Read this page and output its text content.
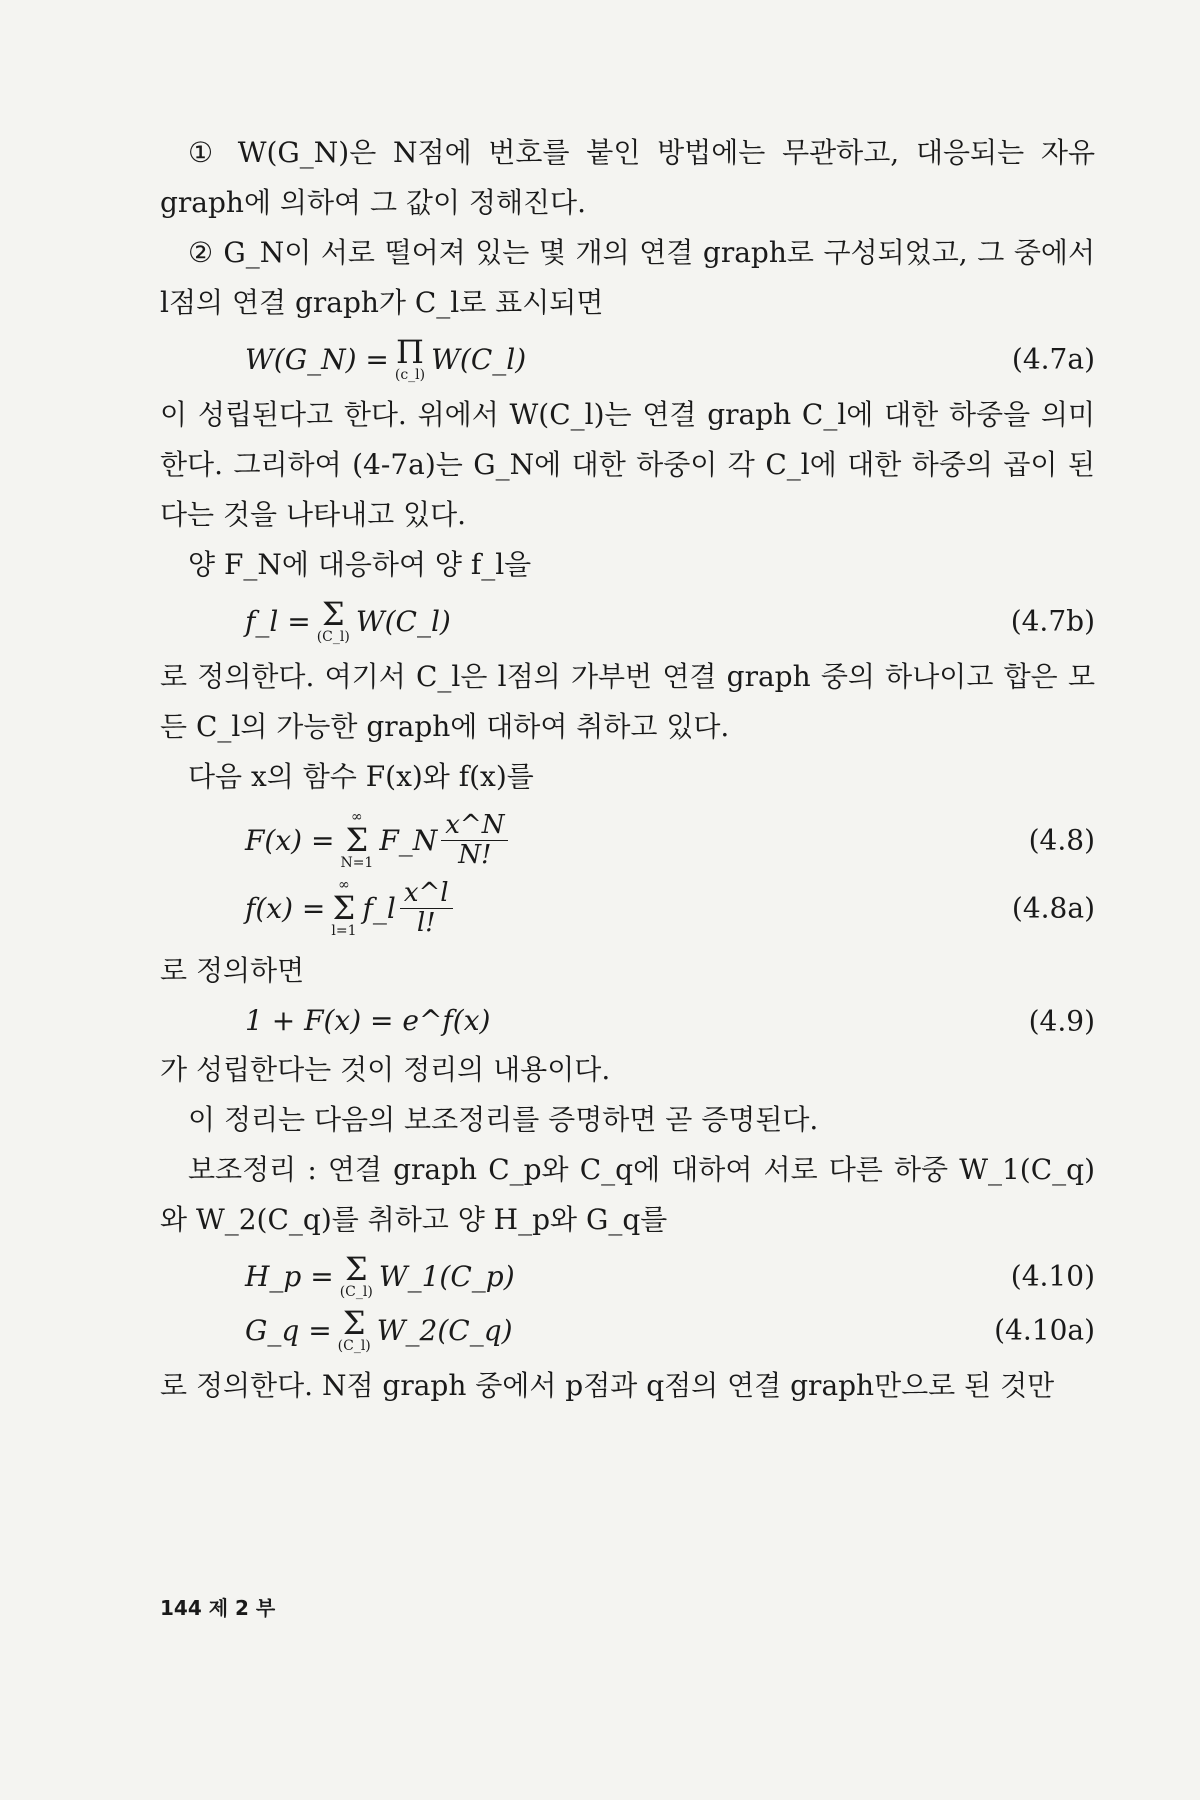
① W(G_N)은 N점에 번호를 붙인 방법에는 무관하고, 대응되는 자유 graph에 의하여 그 값이 정해진다.

② G_N이 서로 떨어져 있는 몇 개의 연결 graph로 구성되었고, 그 중에서 l점의 연결 graph가 C_l로 표시되면

W(G_N) = Π
(c_l) W(C_l)	(4.7a)

이 성립된다고 한다. 위에서 W(C_l)는 연결 graph C_l에 대한 하중을 의미한다. 그리하여 (4-7a)는 G_N에 대한 하중이 각 C_l에 대한 하중의 곱이 된다는 것을 나타내고 있다.

양 F_N에 대응하여 양 f_l을

f_l = Σ
(C_l) W(C_l)	(4.7b)

로 정의한다. 여기서 C_l은 l점의 가부번 연결 graph 중의 하나이고 합은 모든 C_l의 가능한 graph에 대하여 취하고 있다.

다음 x의 함수 F(x)와 f(x)를

F(x) =
∞
Σ
N=1
F_N $\frac{x\^{}N}{N!}$	(4.8)
f(x) =
∞
Σ
l=1
f_l $\frac{x\^{}l}{l!}$	(4.8a)

로 정의하면

1 + F(x) = e^f(x)	(4.9)

가 성립한다는 것이 정리의 내용이다.

이 정리는 다음의 보조정리를 증명하면 곧 증명된다.

보조정리 : 연결 graph C_p와 C_q에 대하여 서로 다른 하중 W_1(C_q)와 W_2(C_q)를 취하고 양 H_p와 G_q를

H_p = Σ
(C_l) W_1(C_p)	(4.10)
G_q = Σ
(C_l) W_2(C_q)	(4.10a)

로 정의한다. N점 graph 중에서 p점과 q점의 연결 graph만으로 된 것만

144 제 2 부
